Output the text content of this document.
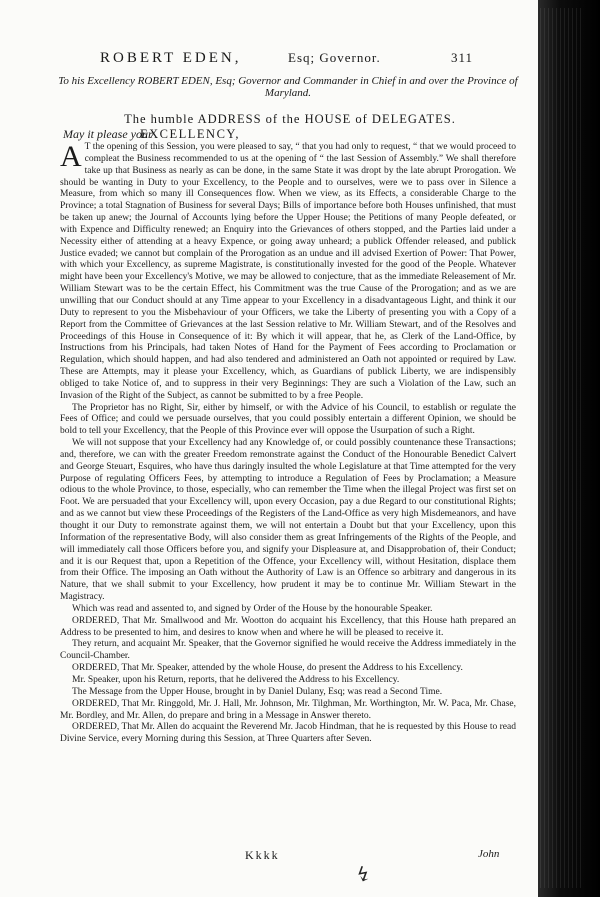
ROBERT EDEN,	Esq; Governor.	311
To his Excellency ROBERT EDEN, Esq; Governor and Commander in Chief in and over the Province of Maryland.
The humble ADDRESS of the HOUSE of DELEGATES.
May it please your
EXCELLENCY,

A T the opening of this Session, you were pleased to say, “ that you had only to request, “ that we would proceed to compleat the Business recommended to us at the opening of “ the last Session of Assembly.” We shall therefore take up that Business as nearly as can be done, in the same State it was dropt by the late abrupt Prorogation. We should be wanting in Duty to your Excellency, to the People and to ourselves, were we to pass over in Silence a Measure, from which so many ill Consequences flow. When we view, as its Effects, a considerable Charge to the Province; a total Stagnation of Business for several Days; Bills of importance before both Houses unfinished, that must be taken up anew; the Journal of Accounts lying before the Upper House; the Petitions of many People defeated, or with Expence and Difficulty renewed; an Enquiry into the Grievances of others stopped, and the Parties laid under a Necessity either of attending at a heavy Expence, or going away unheard; a publick Offender released, and publick Justice evaded; we cannot but complain of the Prorogation as an undue and ill advised Exertion of Power: That Power, with which your Excellency, as supreme Magistrate, is constitutionally invested for the good of the People. Whatever might have been your Excellency's Motive, we may be allowed to conjecture, that as the immediate Releasement of Mr. William Stewart was to be the certain Effect, his Commitment was the true Cause of the Prorogation; and as we are unwilling that our Conduct should at any Time appear to your Excellency in a disadvantageous Light, and think it our Duty to represent to you the Misbehaviour of your Officers, we take the Liberty of presenting you with a Copy of a Report from the Committee of Grievances at the last Session relative to Mr. William Stewart, and of the Resolves and Proceedings of this House in Consequence of it: By which it will appear, that he, as Clerk of the Land-Office, by Instructions from his Principals, had taken Notes of Hand for the Payment of Fees according to Proclamation or Regulation, which should happen, and had also tendered and administered an Oath not appointed or required by Law. These are Attempts, may it please your Excellency, which, as Guardians of publick Liberty, we are indispensibly obliged to take Notice of, and to suppress in their very Beginnings: They are such a Violation of the Law, such an Invasion of the Right of the Subject, as cannot be submitted to by a free People.

The Proprietor has no Right, Sir, either by himself, or with the Advice of his Council, to establish or regulate the Fees of Office; and could we persuade ourselves, that you could possibly entertain a different Opinion, we should be bold to tell your Excellency, that the People of this Province ever will oppose the Usurpation of such a Right.

We will not suppose that your Excellency had any Knowledge of, or could possibly countenance these Transactions; and, therefore, we can with the greater Freedom remonstrate against the Conduct of the Honourable Benedict Calvert and George Steuart, Esquires, who have thus daringly insulted the whole Legislature at that Time attempted for the very Purpose of regulating Officers Fees, by attempting to introduce a Regulation of Fees by Proclamation; a Measure odious to the whole Province, to those, especially, who can remember the Time when the illegal Project was first set on Foot. We are persuaded that your Excellency will, upon every Occasion, pay a due Regard to our constitutional Rights; and as we cannot but view these Proceedings of the Registers of the Land-Office as very high Misdemeanors, and have thought it our Duty to remonstrate against them, we will not entertain a Doubt but that your Excellency, upon this Information of the representative Body, will also consider them as great Infringements of the Rights of the People, and will immediately call those Officers before you, and signify your Displeasure at, and Disapprobation of, their Conduct; and it is our Request that, upon a Repetition of the Offence, your Excellency will, without Hesitation, displace them from their Office. The imposing an Oath without the Authority of Law is an Offence so arbitrary and dangerous in its Nature, that we shall submit to your Excellency, how prudent it may be to continue Mr. William Stewart in the Magistracy.

Which was read and assented to, and signed by Order of the House by the honourable Speaker.

ORDERED, That Mr. Smallwood and Mr. Wootton do acquaint his Excellency, that this House hath prepared an Address to be presented to him, and desires to know when and where he will be pleased to receive it.

They return, and acquaint Mr. Speaker, that the Governor signified he would receive the Address immediately in the Council-Chamber.

ORDERED, That Mr. Speaker, attended by the whole House, do present the Address to his Excellency.

Mr. Speaker, upon his Return, reports, that he delivered the Address to his Excellency.

The Message from the Upper House, brought in by Daniel Dulany, Esq; was read a Second Time.

ORDERED, That Mr. Ringgold, Mr. J. Hall, Mr. Johnson, Mr. Tilghman, Mr. Worthington, Mr. W. Paca, Mr. Chase, Mr. Bordley, and Mr. Allen, do prepare and bring in a Message in Answer thereto.

ORDERED, That Mr. Allen do acquaint the Reverend Mr. Jacob Hindman, that he is requested by this House to read Divine Service, every Morning during this Session, at Three Quarters after Seven.

Kkkk	John
↯
